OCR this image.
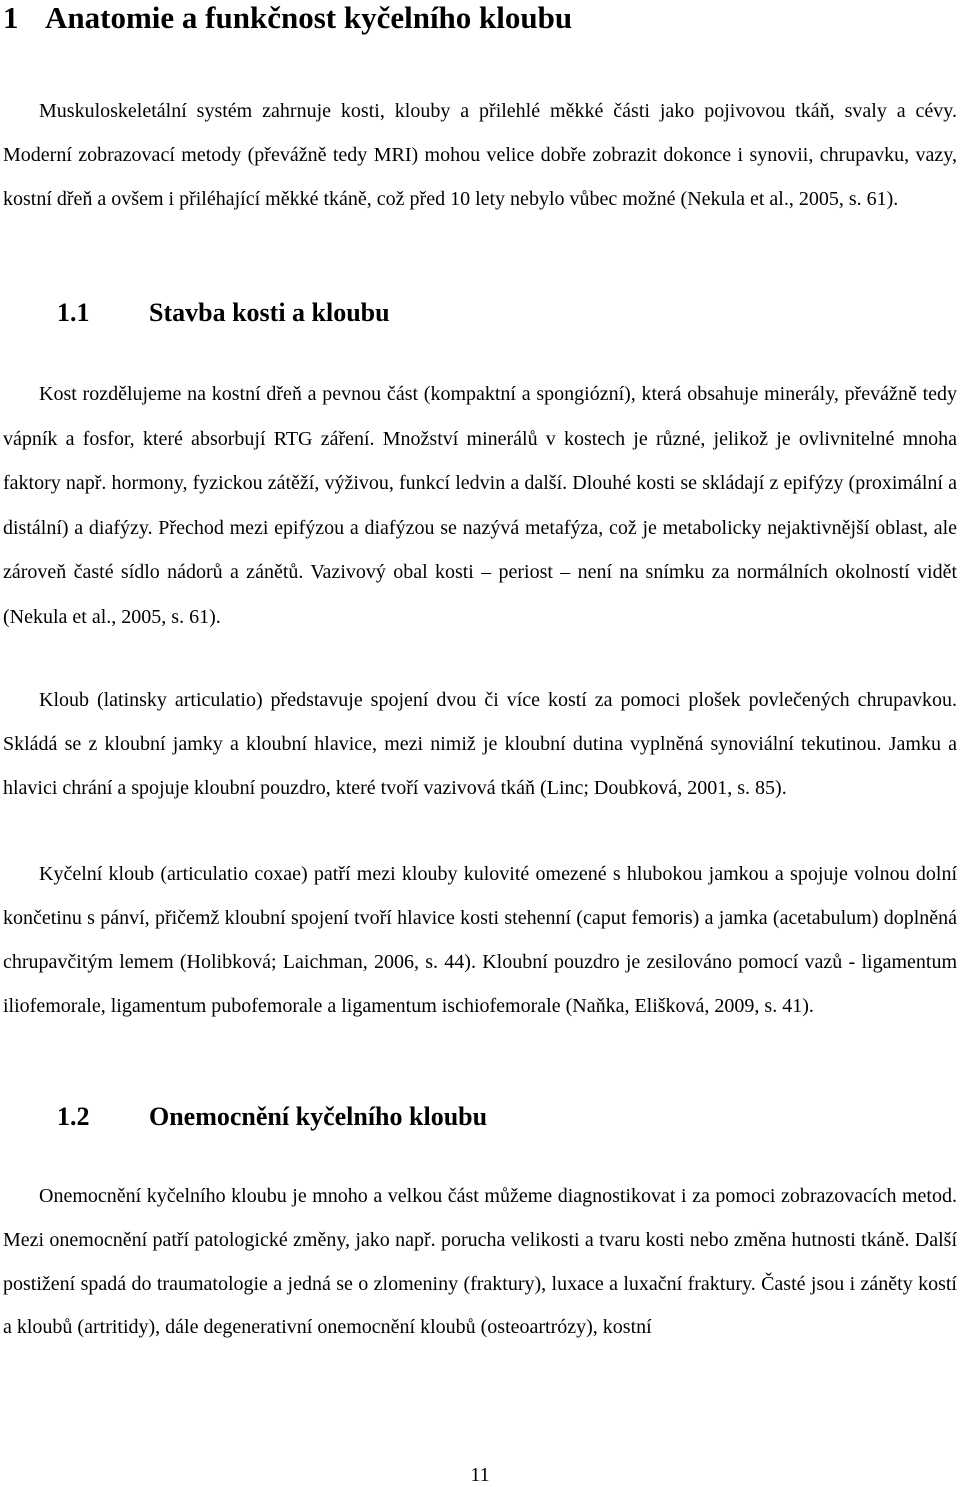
1 Anatomie a funkčnost kyčelního kloubu

Muskuloskeletální systém zahrnuje kosti, klouby a přilehlé měkké části jako pojivovou tkáň, svaly a cévy. Moderní zobrazovací metody (převážně tedy MRI) mohou velice dobře zobrazit dokonce i synovii, chrupavku, vazy, kostní dřeň a ovšem i přiléhající měkké tkáně, což před 10 lety nebylo vůbec možné (Nekula et al., 2005, s. 61).

1.1 Stavba kosti a kloubu

Kost rozdělujeme na kostní dřeň a pevnou část (kompaktní a spongiózní), která obsahuje minerály, převážně tedy vápník a fosfor, které absorbují RTG záření. Množství minerálů v kostech je různé, jelikož je ovlivnitelné mnoha faktory např. hormony, fyzickou zátěží, výživou, funkcí ledvin a další. Dlouhé kosti se skládají z epifýzy (proximální a distální) a diafýzy. Přechod mezi epifýzou a diafýzou se nazývá metafýza, což je metabolicky nejaktivnější oblast, ale zároveň časté sídlo nádorů a zánětů. Vazivový obal kosti – periost – není na snímku za normálních okolností vidět (Nekula et al., 2005, s. 61).

Kloub (latinsky articulatio) představuje spojení dvou či více kostí za pomoci plošek povlečených chrupavkou. Skládá se z kloubní jamky a kloubní hlavice, mezi nimiž je kloubní dutina vyplněná synoviální tekutinou. Jamku a hlavici chrání a spojuje kloubní pouzdro, které tvoří vazivová tkáň (Linc; Doubková, 2001, s. 85).

Kyčelní kloub (articulatio coxae) patří mezi klouby kulovité omezené s hlubokou jamkou a spojuje volnou dolní končetinu s pánví, přičemž kloubní spojení tvoří hlavice kosti stehenní (caput femoris) a jamka (acetabulum) doplněná chrupavčitým lemem (Holibková; Laichman, 2006, s. 44). Kloubní pouzdro je zesilováno pomocí vazů - ligamentum iliofemorale, ligamentum pubofemorale a ligamentum ischiofemorale (Naňka, Elišková, 2009, s. 41).

1.2 Onemocnění kyčelního kloubu

Onemocnění kyčelního kloubu je mnoho a velkou část můžeme diagnostikovat i za pomoci zobrazovacích metod. Mezi onemocnění patří patologické změny, jako např. porucha velikosti a tvaru kosti nebo změna hutnosti tkáně. Další postižení spadá do traumatologie a jedná se o zlomeniny (fraktury), luxace a luxační fraktury. Časté jsou i záněty kostí a kloubů (artritidy), dále degenerativní onemocnění kloubů (osteoartrózy), kostní

11
